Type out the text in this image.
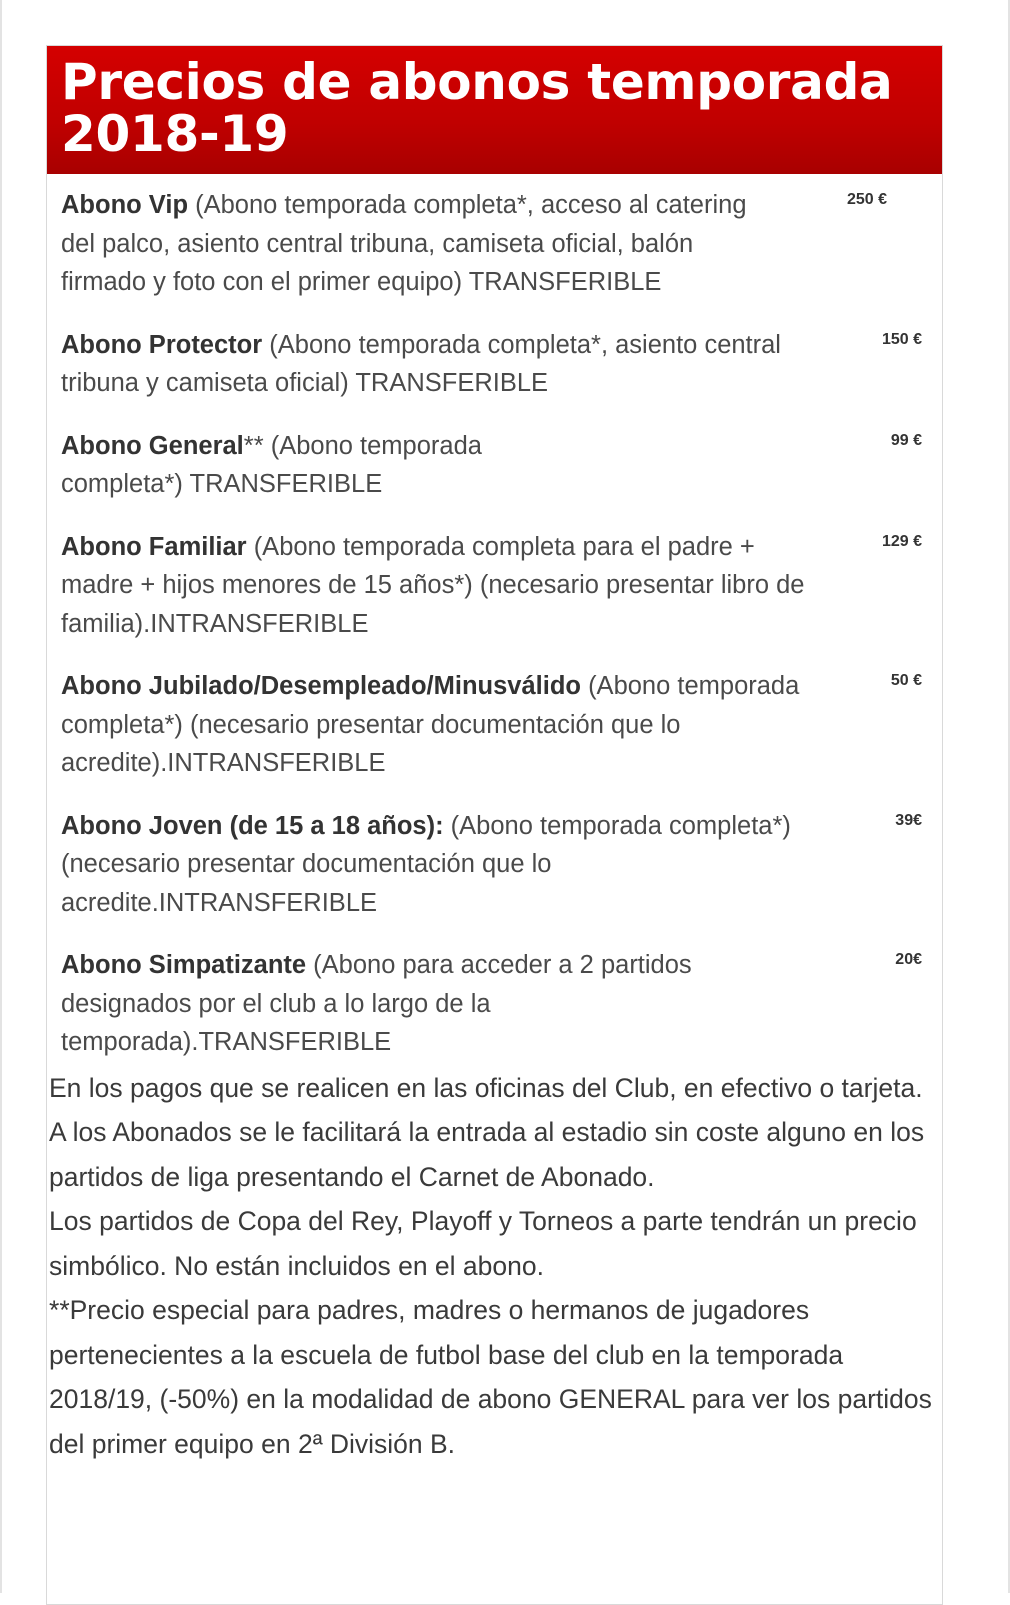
Precios de abonos temporada 2018-19
Abono Vip (Abono temporada completa*, acceso al catering del palco, asiento central tribuna, camiseta oficial, balón firmado y foto con el primer equipo) TRANSFERIBLE
250 €
Abono Protector (Abono temporada completa*, asiento central tribuna y camiseta oficial) TRANSFERIBLE
150 €
Abono General** (Abono temporada completa*) TRANSFERIBLE
99 €
Abono Familiar (Abono temporada completa para el padre + madre + hijos menores de 15 años*) (necesario presentar libro de familia).INTRANSFERIBLE
129 €
Abono Jubilado/Desempleado/Minusválido (Abono temporada completa*) (necesario presentar documentación que lo acredite).INTRANSFERIBLE
50 €
Abono Joven (de 15 a 18 años): (Abono temporada completa*) (necesario presentar documentación que lo acredite.INTRANSFERIBLE
39€
Abono Simpatizante (Abono para acceder a 2 partidos designados por el club a lo largo de la temporada).TRANSFERIBLE
20€

En los pagos que se realicen en las oficinas del Club, en efectivo o tarjeta.

A los Abonados se le facilitará la entrada al estadio sin coste alguno en los partidos de liga presentando el Carnet de Abonado.

Los partidos de Copa del Rey, Playoff y Torneos a parte tendrán un precio simbólico. No están incluidos en el abono.

**Precio especial para padres, madres o hermanos de jugadores pertenecientes a la escuela de futbol base del club en la temporada 2018/19, (-50%) en la modalidad de abono GENERAL para ver los partidos del primer equipo en 2ª División B.
